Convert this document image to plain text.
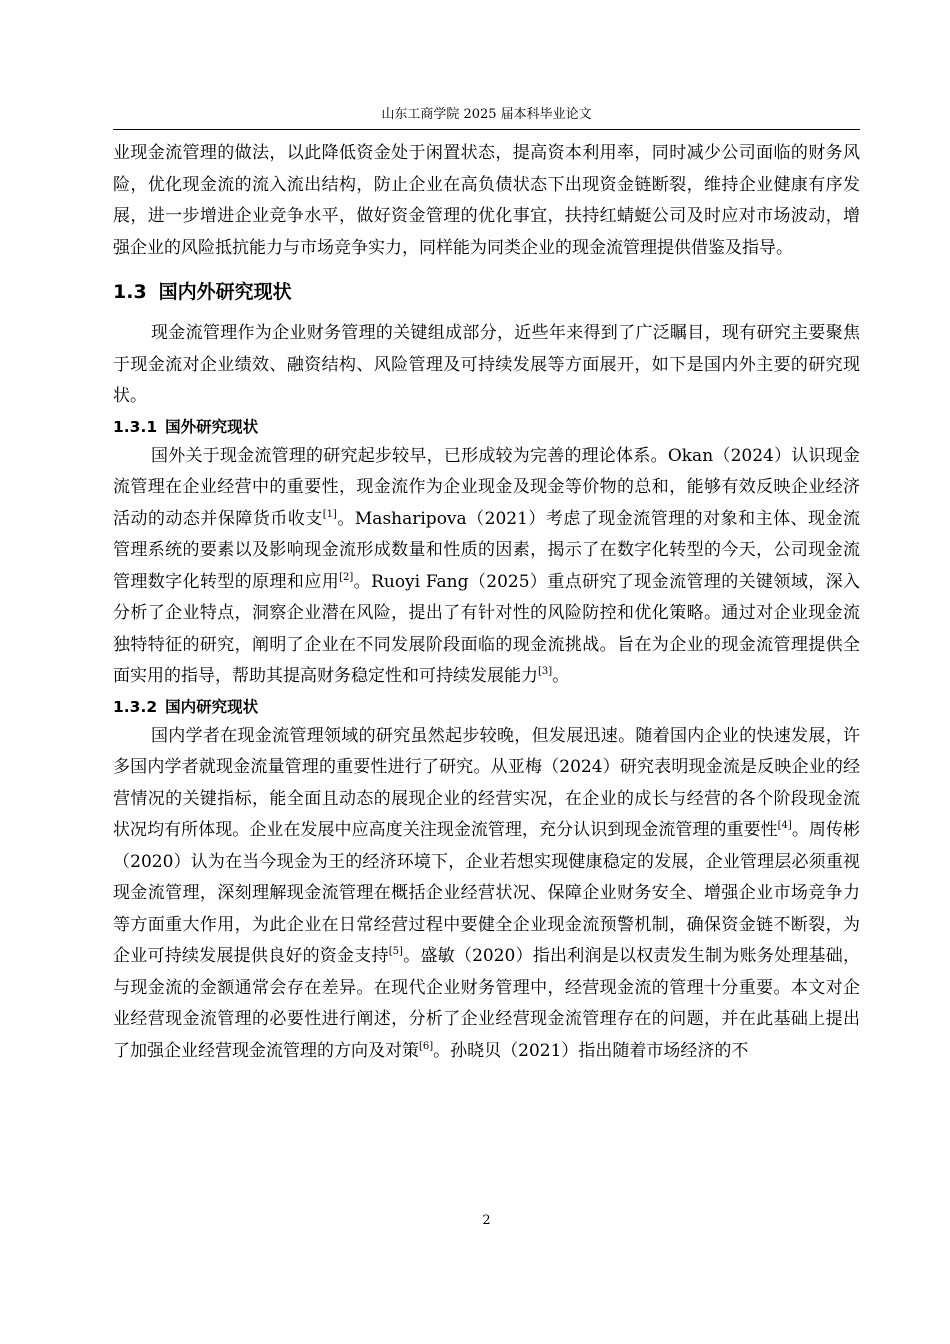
山东工商学院 2025 届本科毕业论文

业现金流管理的做法，以此降低资金处于闲置状态，提高资本利用率，同时减少公司面临的财务风险，优化现金流的流入流出结构，防止企业在高负债状态下出现资金链断裂，维持企业健康有序发展，进一步增进企业竞争水平，做好资金管理的优化事宜，扶持红蜻蜓公司及时应对市场波动，增强企业的风险抵抗能力与市场竞争实力，同样能为同类企业的现金流管理提供借鉴及指导。

1.3 国内外研究现状

现金流管理作为企业财务管理的关键组成部分，近些年来得到了广泛瞩目，现有研究主要聚焦于现金流对企业绩效、融资结构、风险管理及可持续发展等方面展开，如下是国内外主要的研究现状。

1.3.1 国外研究现状

国外关于现金流管理的研究起步较早，已形成较为完善的理论体系。Okan（2024）认识现金流管理在企业经营中的重要性，现金流作为企业现金及现金等价物的总和，能够有效反映企业经济活动的动态并保障货币收支[1]。Masharipova（2021）考虑了现金流管理的对象和主体、现金流管理系统的要素以及影响现金流形成数量和性质的因素，揭示了在数字化转型的今天，公司现金流管理数字化转型的原理和应用[2]。Ruoyi Fang（2025）重点研究了现金流管理的关键领域，深入分析了企业特点，洞察企业潜在风险，提出了有针对性的风险防控和优化策略。通过对企业现金流独特特征的研究，阐明了企业在不同发展阶段面临的现金流挑战。旨在为企业的现金流管理提供全面实用的指导，帮助其提高财务稳定性和可持续发展能力[3]。

1.3.2 国内研究现状

国内学者在现金流管理领域的研究虽然起步较晚，但发展迅速。随着国内企业的快速发展，许多国内学者就现金流量管理的重要性进行了研究。从亚梅（2024）研究表明现金流是反映企业的经营情况的关键指标，能全面且动态的展现企业的经营实况，在企业的成长与经营的各个阶段现金流状况均有所体现。企业在发展中应高度关注现金流管理，充分认识到现金流管理的重要性[4]。周传彬（2020）认为在当今现金为王的经济环境下，企业若想实现健康稳定的发展，企业管理层必须重视现金流管理，深刻理解现金流管理在概括企业经营状况、保障企业财务安全、增强企业市场竞争力等方面重大作用，为此企业在日常经营过程中要健全企业现金流预警机制，确保资金链不断裂，为企业可持续发展提供良好的资金支持[5]。盛敏（2020）指出利润是以权责发生制为账务处理基础，与现金流的金额通常会存在差异。在现代企业财务管理中，经营现金流的管理十分重要。本文对企业经营现金流管理的必要性进行阐述，分析了企业经营现金流管理存在的问题，并在此基础上提出了加强企业经营现金流管理的方向及对策[6]。孙晓贝（2021）指出随着市场经济的不

2
